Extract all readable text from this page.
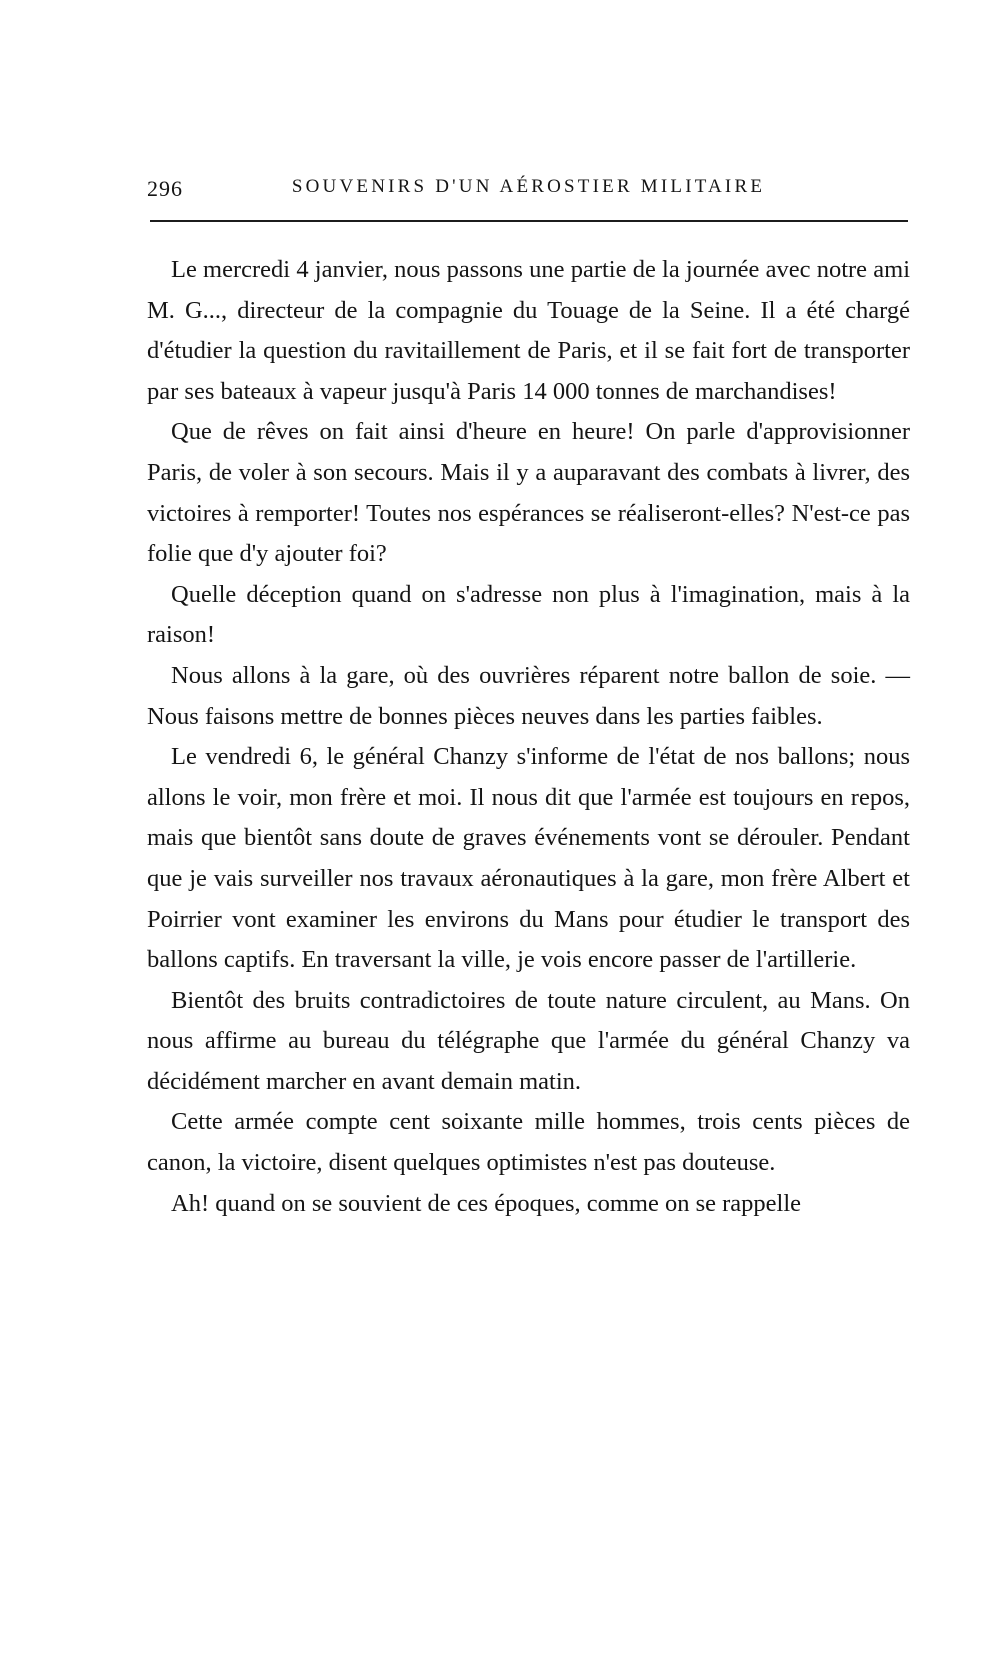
296	SOUVENIRS D'UN AÉROSTIER MILITAIRE

Le mercredi 4 janvier, nous passons une partie de la journée avec notre ami M. G..., directeur de la compagnie du Touage de la Seine. Il a été chargé d'étudier la question du ravitaillement de Paris, et il se fait fort de transporter par ses bateaux à vapeur jusqu'à Paris 14 000 tonnes de marchandises!

Que de rêves on fait ainsi d'heure en heure! On parle d'approvisionner Paris, de voler à son secours. Mais il y a auparavant des combats à livrer, des victoires à remporter! Toutes nos espérances se réaliseront-elles? N'est-ce pas folie que d'y ajouter foi?

Quelle déception quand on s'adresse non plus à l'imagination, mais à la raison!

Nous allons à la gare, où des ouvrières réparent notre ballon de soie. — Nous faisons mettre de bonnes pièces neuves dans les parties faibles.

Le vendredi 6, le général Chanzy s'informe de l'état de nos ballons; nous allons le voir, mon frère et moi. Il nous dit que l'armée est toujours en repos, mais que bientôt sans doute de graves événements vont se dérouler. Pendant que je vais surveiller nos travaux aéronautiques à la gare, mon frère Albert et Poirrier vont examiner les environs du Mans pour étudier le transport des ballons captifs. En traversant la ville, je vois encore passer de l'artillerie.

Bientôt des bruits contradictoires de toute nature circulent, au Mans. On nous affirme au bureau du télégraphe que l'armée du général Chanzy va décidément marcher en avant demain matin.

Cette armée compte cent soixante mille hommes, trois cents pièces de canon, la victoire, disent quelques optimistes n'est pas douteuse.

Ah! quand on se souvient de ces époques, comme on se rappelle
